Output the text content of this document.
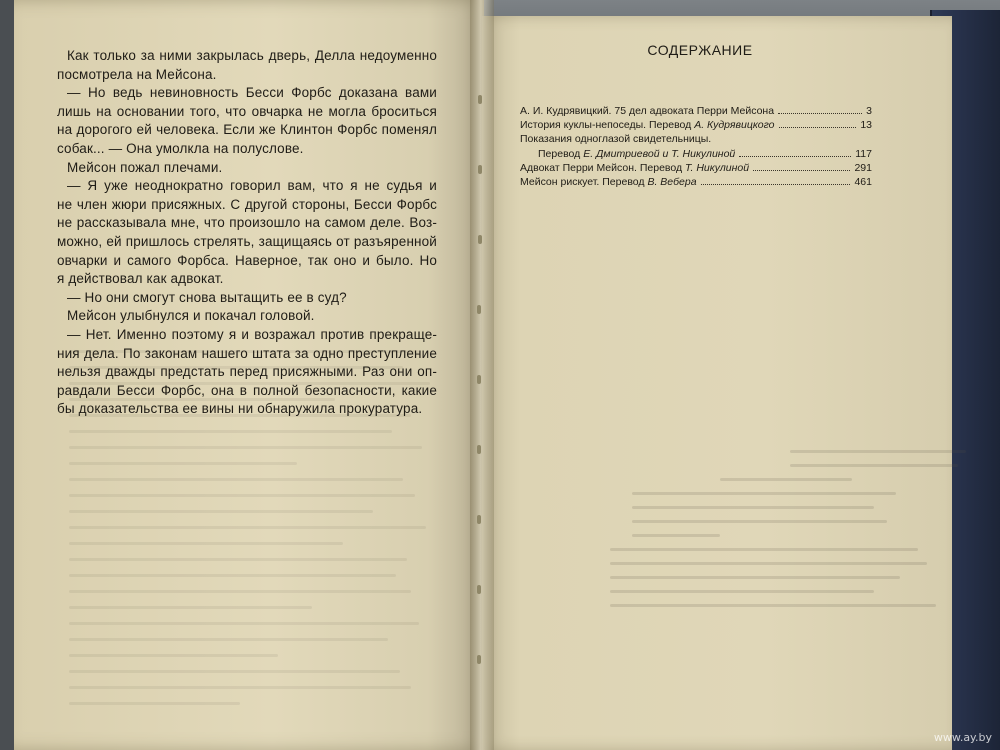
Как только за ними закрылась дверь, Делла недоуменно
посмотрела на Мейсона.
— Но ведь невиновность Бесси Форбс доказана вами
лишь на основании того, что овчарка не могла броситься
на дорогого ей человека. Если же Клинтон Форбс поменял
собак... — Она умолкла на полуслове.
Мейсон пожал плечами.
— Я уже неоднократно говорил вам, что я не судья и
не член жюри присяжных. С другой стороны, Бесси Форбс
не рассказывала мне, что произошло на самом деле. Воз-
можно, ей пришлось стрелять, защищаясь от разъяренной
овчарки и самого Форбса. Наверное, так оно и было. Но
я действовал как адвокат.
— Но они смогут снова вытащить ее в суд?
Мейсон улыбнулся и покачал головой.
— Нет. Именно поэтому я и возражал против прекраще-
ния дела. По законам нашего штата за одно преступление
нельзя дважды предстать перед присяжными. Раз они оп-
равдали Бесси Форбс, она в полной безопасности, какие
бы доказательства ее вины ни обнаружила прокуратура.
СОДЕРЖАНИЕ
А. И. Кудрявицкий. 75 дел адвоката Перри Мейсона	3
История куклы-непоседы. Перевод А. Кудрявицкого	13
Показания одноглазой свидетельницы.
Перевод Е. Дмитриевой и Т. Никулиной	117
Адвокат Перри Мейсон. Перевод Т. Никулиной	291
Мейсон рискует. Перевод В. Вебера	461
www.ay.by
